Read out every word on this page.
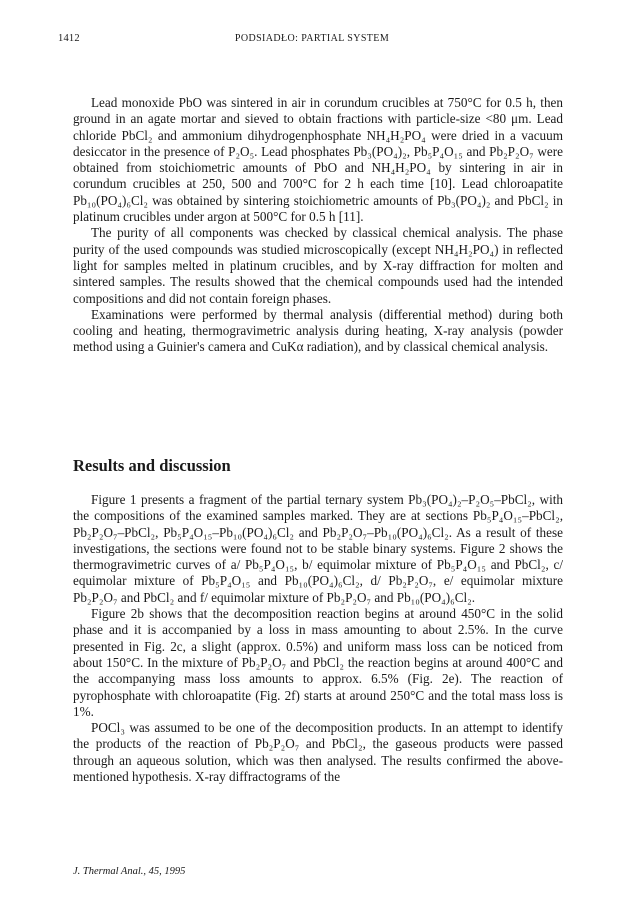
1412	PODSIADŁO: PARTIAL SYSTEM

Lead monoxide PbO was sintered in air in corundum crucibles at 750°C for 0.5 h, then ground in an agate mortar and sieved to obtain fractions with particle-size <80 μm. Lead chloride PbCl₂ and ammonium dihydrogenphosphate NH₄H₂PO₄ were dried in a vacuum desiccator in the presence of P₂O₅. Lead phosphates Pb₃(PO₄)₂, Pb₅P₄O₁₅ and Pb₂P₂O₇ were obtained from stoichiometric amounts of PbO and NH₄H₂PO₄ by sintering in air in corundum crucibles at 250, 500 and 700°C for 2 h each time [10]. Lead chloroapatite Pb₁₀(PO₄)₆Cl₂ was obtained by sintering stoichiometric amounts of Pb₃(PO₄)₂ and PbCl₂ in platinum crucibles under argon at 500°C for 0.5 h [11].

The purity of all components was checked by classical chemical analysis. The phase purity of the used compounds was studied microscopically (except NH₄H₂PO₄) in reflected light for samples melted in platinum crucibles, and by X-ray diffraction for molten and sintered samples. The results showed that the chemical compounds used had the intended compositions and did not contain foreign phases.

Examinations were performed by thermal analysis (differential method) during both cooling and heating, thermogravimetric analysis during heating, X-ray analysis (powder method using a Guinier's camera and CuKα radiation), and by classical chemical analysis.

Results and discussion

Figure 1 presents a fragment of the partial ternary system Pb₃(PO₄)₂–P₂O₅–PbCl₂, with the compositions of the examined samples marked. They are at sections Pb₅P₄O₁₅–PbCl₂, Pb₂P₂O₇–PbCl₂, Pb₅P₄O₁₅–Pb₁₀(PO₄)₆Cl₂ and Pb₂P₂O₇–Pb₁₀(PO₄)₆Cl₂. As a result of these investigations, the sections were found not to be stable binary systems. Figure 2 shows the thermogravimetric curves of a/ Pb₅P₄O₁₅, b/ equimolar mixture of Pb₅P₄O₁₅ and PbCl₂, c/ equimolar mixture of Pb₅P₄O₁₅ and Pb₁₀(PO₄)₆Cl₂, d/ Pb₂P₂O₇, e/ equimolar mixture Pb₂P₂O₇ and PbCl₂ and f/ equimolar mixture of Pb₂P₂O₇ and Pb₁₀(PO₄)₆Cl₂.

Figure 2b shows that the decomposition reaction begins at around 450°C in the solid phase and it is accompanied by a loss in mass amounting to about 2.5%. In the curve presented in Fig. 2c, a slight (approx. 0.5%) and uniform mass loss can be noticed from about 150°C. In the mixture of Pb₂P₂O₇ and PbCl₂ the reaction begins at around 400°C and the accompanying mass loss amounts to approx. 6.5% (Fig. 2e). The reaction of pyrophosphate with chloroapatite (Fig. 2f) starts at around 250°C and the total mass loss is 1%.

POCl₃ was assumed to be one of the decomposition products. In an attempt to identify the products of the reaction of Pb₂P₂O₇ and PbCl₂, the gaseous products were passed through an aqueous solution, which was then analysed. The results confirmed the above-mentioned hypothesis. X-ray diffractograms of the

J. Thermal Anal., 45, 1995
